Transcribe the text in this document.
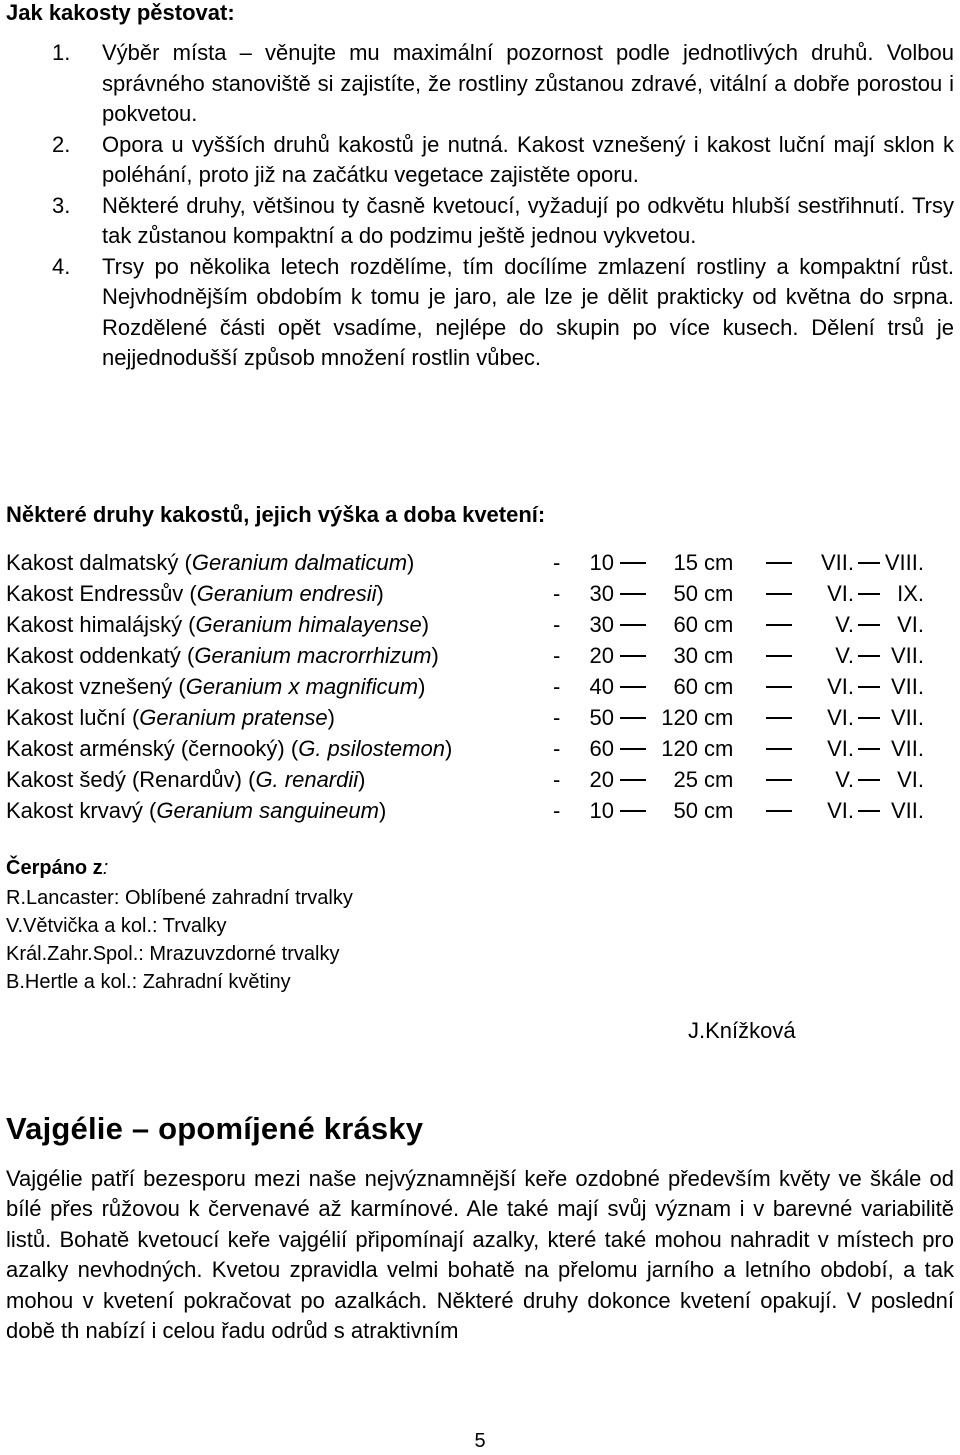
Jak kakosty pěstovat:
1. Výběr místa – věnujte mu maximální pozornost podle jednotlivých druhů. Volbou správného stanoviště si zajistíte, že rostliny zůstanou zdravé, vitální a dobře porostou i pokvetou.
2. Opora u vyšších druhů kakostů je nutná. Kakost vznešený i kakost luční mají sklon k poléhání, proto již na začátku vegetace zajistěte oporu.
3. Některé druhy, většinou ty časně kvetoucí, vyžadují po odkvětu hlubší sestřihnutí. Trsy tak zůstanou kompaktní a do podzimu ještě jednou vykvetou.
4. Trsy po několika letech rozdělíme, tím docílíme zmlazení rostliny a kompaktní růst. Nejvhodnějším obdobím k tomu je jaro, ale lze je dělit prakticky od května do srpna. Rozdělené části opět vsadíme, nejlépe do skupin po více kusech. Dělení trsů je nejjednodušší způsob množení rostlin vůbec.
Některé druhy kakostů, jejich výška a doba kvetení:
Kakost dalmatský (Geranium dalmaticum)	-	10	15 cm	VII. VIII.
Kakost Endressův (Geranium endresii)	-	30	50 cm	VI.	IX.
Kakost himalájský (Geranium himalayense)	-	30	60 cm	V.	VI.
Kakost oddenkatý (Geranium macrorrhizum)	-	20	30 cm	V.	VII.
Kakost vznešený (Geranium x magnificum)	-	40	60 cm	VI.	VII.
Kakost luční (Geranium pratense)	-	50	120 cm	VI.	VII.
Kakost arménský (černooký) (G. psilostemon)	-	60	120 cm	VI.	VII.
Kakost šedý (Renardův) (G. renardii)	-	20	25 cm	V.	VI.
Kakost krvavý (Geranium sanguineum)	-	10	50 cm	VI.	VII.
Čerpáno z:
R.Lancaster: Oblíbené zahradní trvalky
V.Větvička a kol.: Trvalky
Král.Zahr.Spol.: Mrazuvzdorné trvalky
B.Hertle a kol.: Zahradní květiny
J.Knížková
Vajgélie – opomíjené krásky

Vajgélie patří bezesporu mezi naše nejvýznamnější keře ozdobné především květy ve škále od bílé přes růžovou k červenavé až karmínové. Ale také mají svůj význam i v barevné variabilitě listů. Bohatě kvetoucí keře vajgélií připomínají azalky, které také mohou nahradit v místech pro azalky nevhodných. Kvetou zpravidla velmi bohatě na přelomu jarního a letního období, a tak mohou v kvetení pokračovat po azalkách. Některé druhy dokonce kvetení opakují. V poslední době th nabízí i celou řadu odrůd s atraktivním

5
